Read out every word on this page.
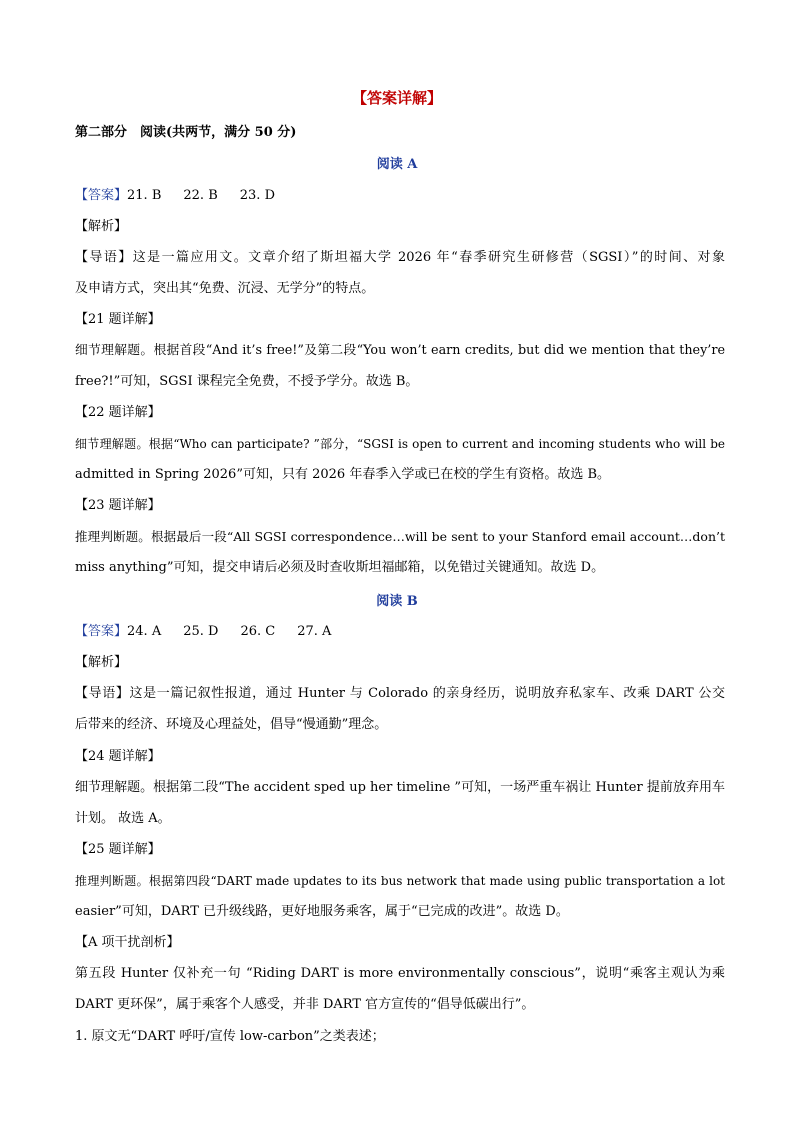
【答案详解】
第二部分　阅读(共两节，满分 50 分)
阅读 A
【答案】21. B 22. B 23. D
【解析】
【导语】这是一篇应用文。文章介绍了斯坦福大学 2026 年“春季研究生研修营（SGSI）”的时间、对象
及申请方式，突出其“免费、沉浸、无学分”的特点。
【21 题详解】
细节理解题。根据首段“And it’s free!”及第二段“You won’t earn credits, but did we mention that they’re
free?!”可知，SGSI 课程完全免费，不授予学分。故选 B。
【22 题详解】
细节理解题。根据“Who can participate? ”部分，“SGSI is open to current and incoming students who will be
admitted in Spring 2026”可知，只有 2026 年春季入学或已在校的学生有资格。故选 B。
【23 题详解】
推理判断题。根据最后一段“All SGSI correspondence…will be sent to your Stanford email account…don’t
miss anything”可知，提交申请后必须及时查收斯坦福邮箱，以免错过关键通知。故选 D。
阅读 B
【答案】24. A 25. D 26. C 27. A
【解析】
【导语】这是一篇记叙性报道，通过 Hunter 与 Colorado 的亲身经历，说明放弃私家车、改乘 DART 公交
后带来的经济、环境及心理益处，倡导“慢通勤”理念。
【24 题详解】
细节理解题。根据第二段“The accident sped up her timeline ”可知，一场严重车祸让 Hunter 提前放弃用车
计划。 故选 A。
【25 题详解】
推理判断题。根据第四段“DART made updates to its bus network that made using public transportation a lot
easier”可知，DART 已升级线路，更好地服务乘客，属于“已完成的改进”。故选 D。
【A 项干扰剖析】
第五段 Hunter 仅补充一句 “Riding DART is more environmentally conscious”，说明“乘客主观认为乘
DART 更环保”，属于乘客个人感受，并非 DART 官方宣传的“倡导低碳出行”。
1. 原文无“DART 呼吁/宣传 low-carbon”之类表述；
